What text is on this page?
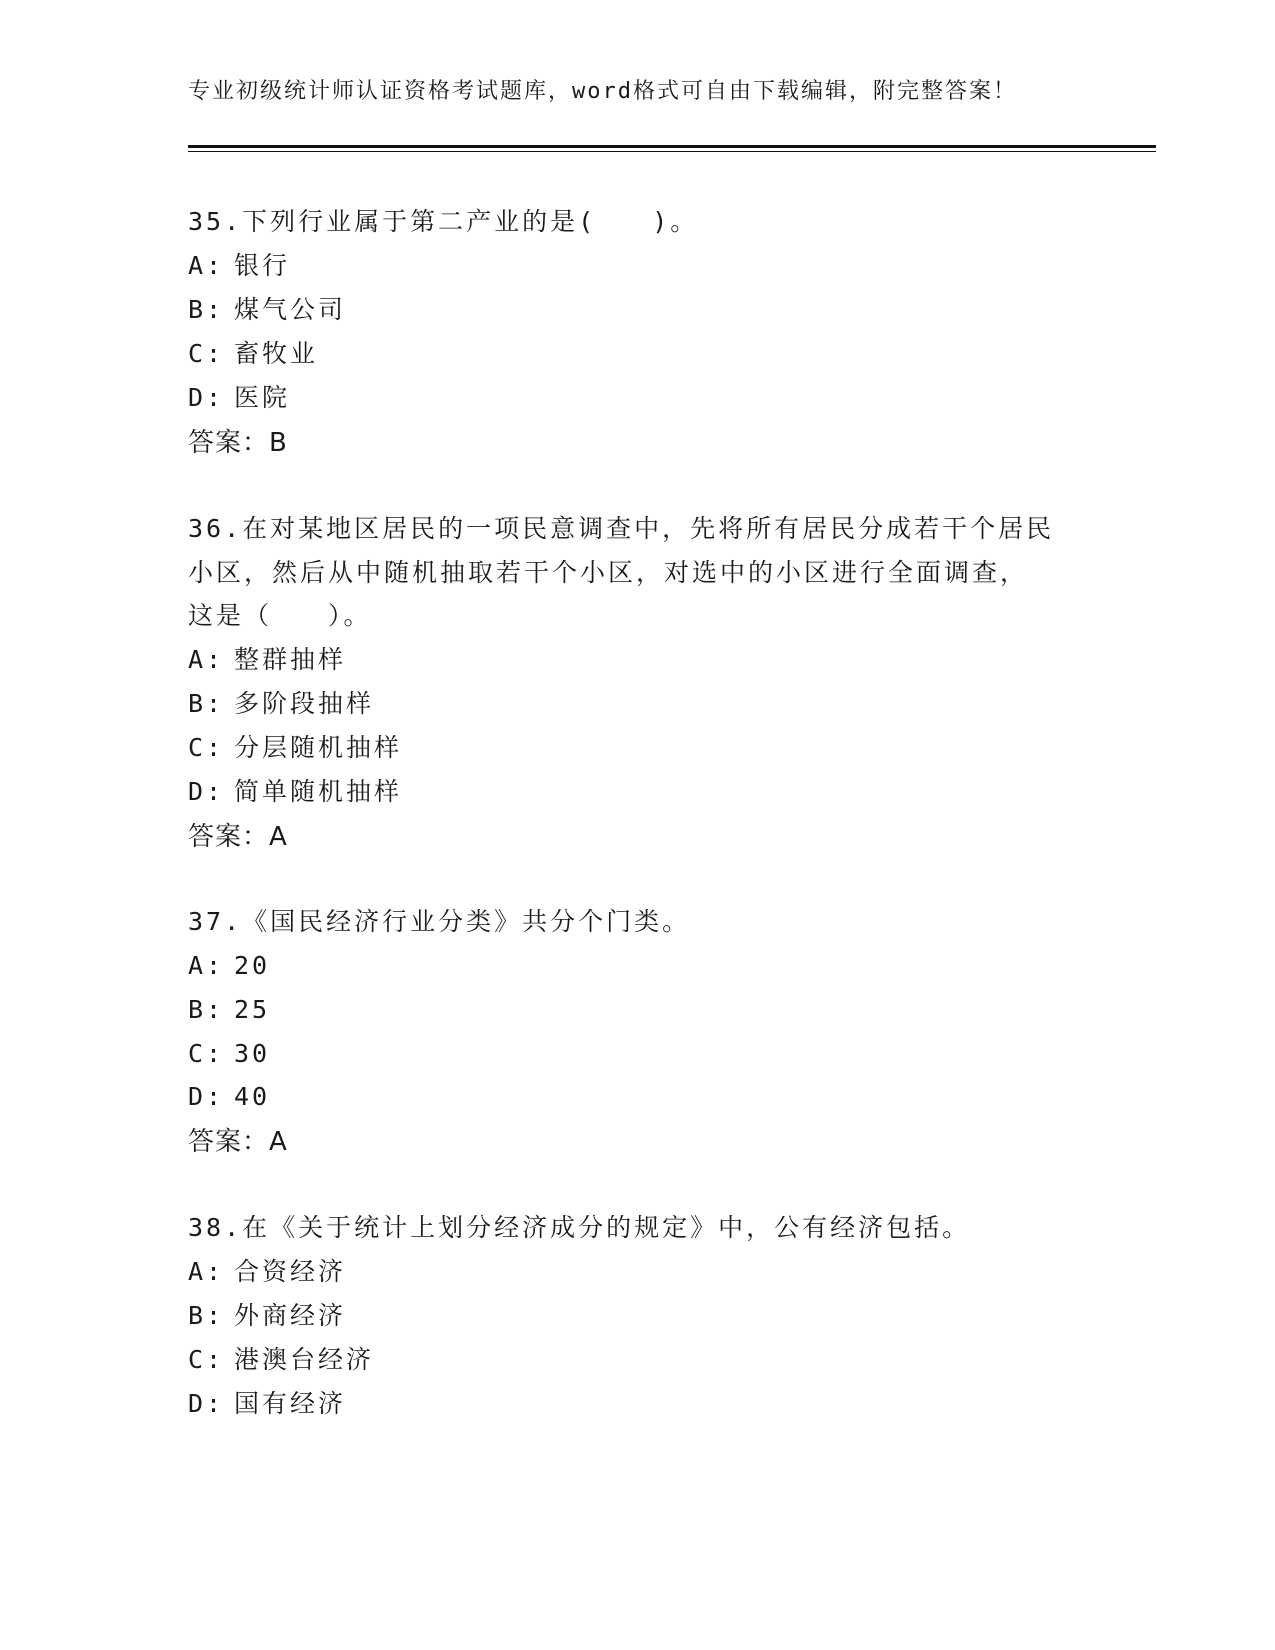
专业初级统计师认证资格考试题库，word格式可自由下载编辑，附完整答案！
35.下列行业属于第二产业的是(　　)。
A: 银行
B: 煤气公司
C: 畜牧业
D: 医院
答案：B
36.在对某地区居民的一项民意调查中，先将所有居民分成若干个居民
小区，然后从中随机抽取若干个小区，对选中的小区进行全面调查，
这是（　　）。
A: 整群抽样
B: 多阶段抽样
C: 分层随机抽样
D: 简单随机抽样
答案：A
37.《国民经济行业分类》共分个门类。
A: 20
B: 25
C: 30
D: 40
答案：A
38.在《关于统计上划分经济成分的规定》中，公有经济包括。
A: 合资经济
B: 外商经济
C: 港澳台经济
D: 国有经济
